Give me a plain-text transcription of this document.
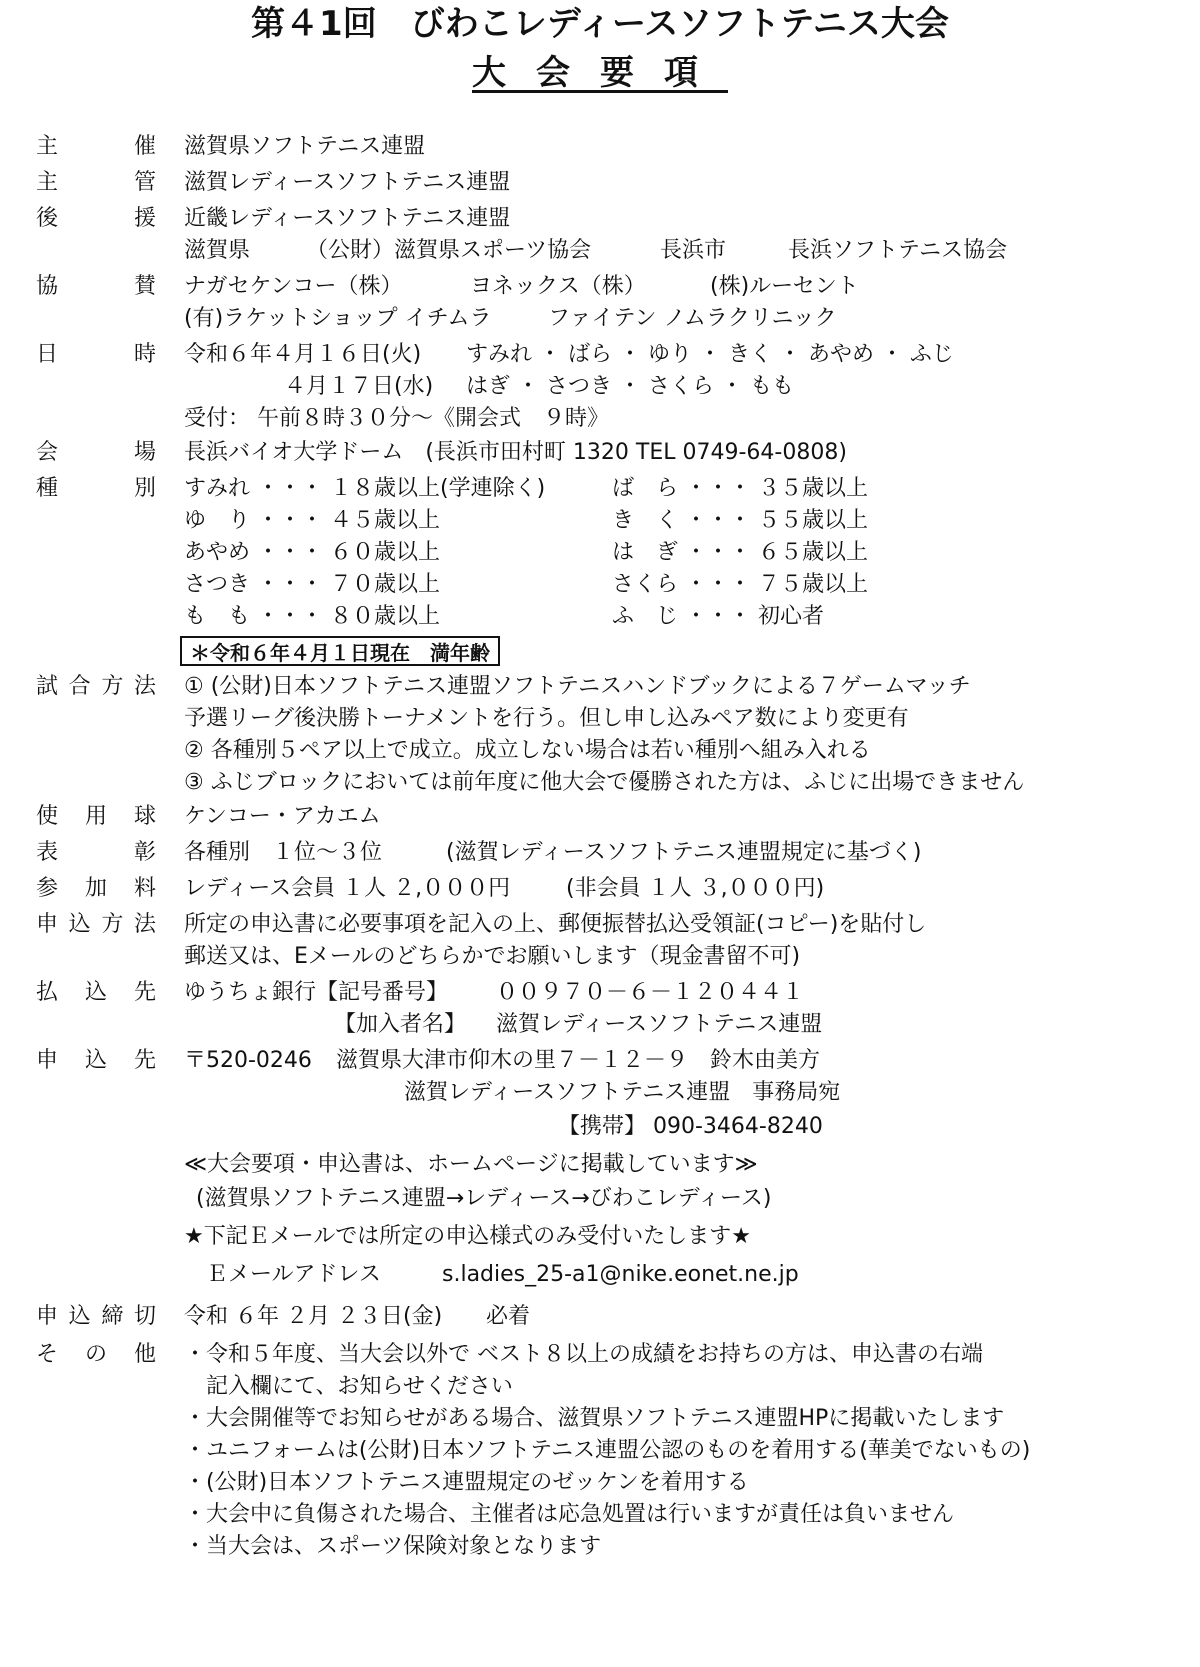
第４1回　びわこレディースソフトテニス大会
大会要項
主	催 滋賀県ソフトテニス連盟
主	管 滋賀レディースソフトテニス連盟
後	援 近畿レディースソフトテニス連盟
滋賀県	（公財）滋賀県スポーツ協会	長浜市	長浜ソフトテニス協会
協	賛 ナガセケンコー（株）	ヨネックス（株）	(株)ルーセント
(有)ラケットショップ イチムラ	ファイテン ノムラクリニック
日	時 令和６年４月１６日(火) すみれ ・ ばら ・ ゆり ・ きく ・ あやめ ・ ふじ
４月１７日(水) はぎ ・ さつき ・ さくら ・ もも
受付： 午前８時３０分～《開会式　９時》
会	場 長浜バイオ大学ドーム　(長浜市田村町 1320 TEL 0749-64-0808)
種	別 すみれ ・・・ １８歳以上(学連除く)	ば　ら ・・・ ３５歳以上
ゆ　り ・・・ ４５歳以上	き　く ・・・ ５５歳以上
あやめ ・・・ ６０歳以上	は　ぎ ・・・ ６５歳以上
さつき ・・・ ７０歳以上	さくら ・・・ ７５歳以上
も　も ・・・ ８０歳以上	ふ　じ ・・・ 初心者
＊令和６年４月１日現在　満年齢
試 合 方 法 ① (公財)日本ソフトテニス連盟ソフトテニスハンドブックによる７ゲームマッチ
予選リーグ後決勝トーナメントを行う。但し申し込みペア数により変更有
② 各種別５ペア以上で成立。成立しない場合は若い種別へ組み入れる
③ ふじブロックにおいては前年度に他大会で優勝された方は、ふじに出場できません
使 用 球 ケンコー・アカエム
表	彰 各種別　１位～３位	(滋賀レディースソフトテニス連盟規定に基づく)
参 加 料 レディース会員 １人 ２,０００円	(非会員 １人 ３,０００円)
申 込 方 法 所定の申込書に必要事項を記入の上、郵便振替払込受領証(コピー)を貼付し
郵送又は、Eメールのどちらかでお願いします（現金書留不可)
払 込 先 ゆうちょ銀行【記号番号】 ００９７０－６－１２０４４１
【加入者名】 滋賀レディースソフトテニス連盟
申 込 先 〒520-0246 滋賀県大津市仰木の里７－１２－９　鈴木由美方
滋賀レディースソフトテニス連盟　事務局宛
【携帯】 090-3464-8240
≪大会要項・申込書は、ホームページに掲載しています≫
(滋賀県ソフトテニス連盟→レディース→びわこレディース)
★下記Ｅメールでは所定の申込様式のみ受付いたします★
Ｅメールアドレス	s.ladies_25-a1@nike.eonet.ne.jp
申 込 締 切 令和 ６年 ２月 ２３日(金) 必着
そ の 他 ・令和５年度、当大会以外で ベスト８以上の成績をお持ちの方は、申込書の右端
記入欄にて、お知らせください
・大会開催等でお知らせがある場合、滋賀県ソフトテニス連盟HPに掲載いたします
・ユニフォームは(公財)日本ソフトテニス連盟公認のものを着用する(華美でないもの)
・(公財)日本ソフトテニス連盟規定のゼッケンを着用する
・大会中に負傷された場合、主催者は応急処置は行いますが責任は負いません
・当大会は、スポーツ保険対象となります
